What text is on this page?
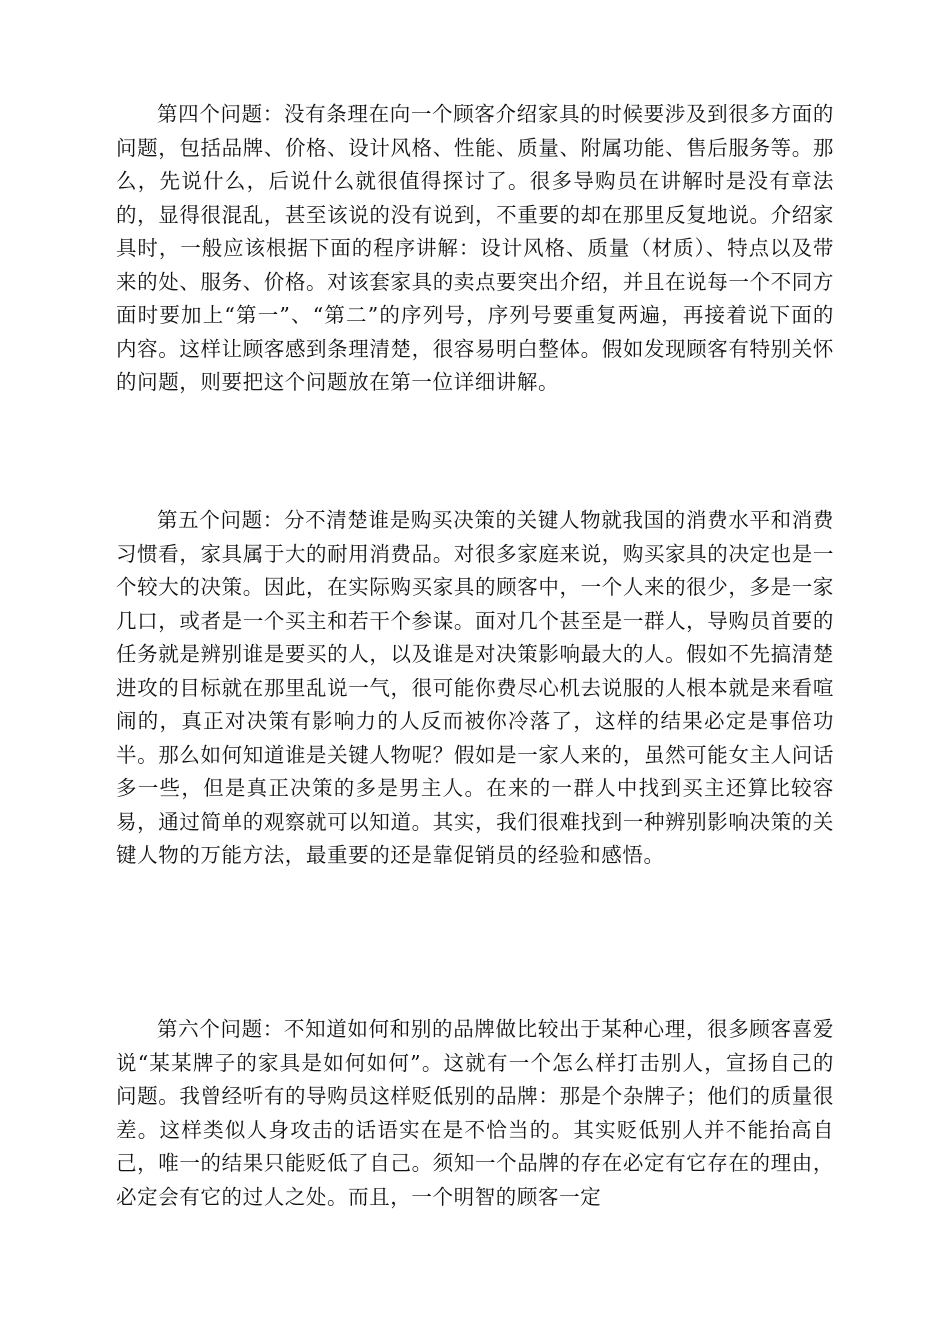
第四个问题：没有条理在向一个顾客介绍家具的时候要涉及到很多方面的问题，包括品牌、价格、设计风格、性能、质量、附属功能、售后服务等。那么，先说什么，后说什么就很值得探讨了。很多导购员在讲解时是没有章法的，显得很混乱，甚至该说的没有说到，不重要的却在那里反复地说。介绍家具时，一般应该根据下面的程序讲解：设计风格、质量（材质）、特点以及带来的处、服务、价格。对该套家具的卖点要突出介绍，并且在说每一个不同方面时要加上“第一”、“第二”的序列号，序列号要重复两遍，再接着说下面的内容。这样让顾客感到条理清楚，很容易明白整体。假如发现顾客有特别关怀的问题，则要把这个问题放在第一位详细讲解。

第五个问题：分不清楚谁是购买决策的关键人物就我国的消费水平和消费习惯看，家具属于大的耐用消费品。对很多家庭来说，购买家具的决定也是一个较大的决策。因此，在实际购买家具的顾客中，一个人来的很少，多是一家几口，或者是一个买主和若干个参谋。面对几个甚至是一群人，导购员首要的任务就是辨别谁是要买的人，以及谁是对决策影响最大的人。假如不先搞清楚进攻的目标就在那里乱说一气，很可能你费尽心机去说服的人根本就是来看喧闹的，真正对决策有影响力的人反而被你冷落了，这样的结果必定是事倍功半。那么如何知道谁是关键人物呢？假如是一家人来的，虽然可能女主人问话多一些，但是真正决策的多是男主人。在来的一群人中找到买主还算比较容易，通过简单的观察就可以知道。其实，我们很难找到一种辨别影响决策的关键人物的万能方法，最重要的还是靠促销员的经验和感悟。

第六个问题：不知道如何和别的品牌做比较出于某种心理，很多顾客喜爱说“某某牌子的家具是如何如何”。这就有一个怎么样打击别人，宣扬自己的问题。我曾经听有的导购员这样贬低别的品牌：那是个杂牌子；他们的质量很差。这样类似人身攻击的话语实在是不恰当的。其实贬低别人并不能抬高自己，唯一的结果只能贬低了自己。须知一个品牌的存在必定有它存在的理由，必定会有它的过人之处。而且，一个明智的顾客一定
